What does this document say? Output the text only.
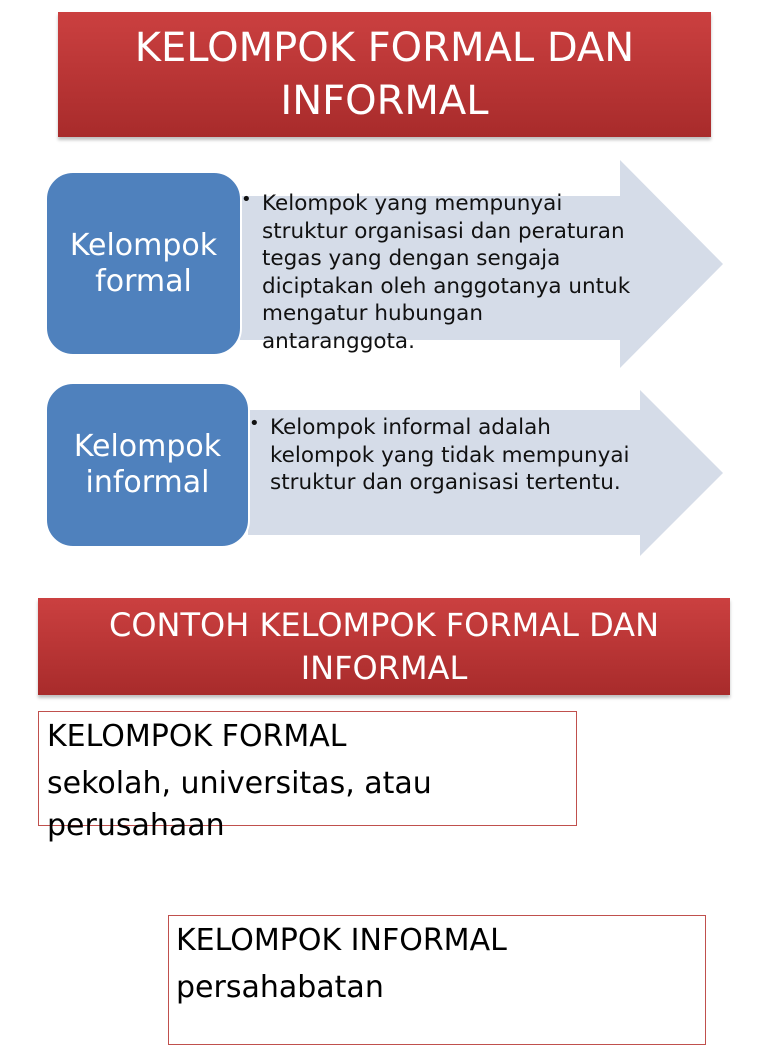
KELOMPOK FORMAL DAN INFORMAL
Kelompok formal
• Kelompok yang mempunyai struktur organisasi dan peraturan tegas yang dengan sengaja diciptakan oleh anggotanya untuk mengatur hubungan antaranggota.
Kelompok informal
• Kelompok informal adalah kelompok yang tidak mempunyai struktur dan organisasi tertentu.
CONTOH KELOMPOK FORMAL DAN INFORMAL
KELOMPOK FORMAL
sekolah, universitas, atau perusahaan
KELOMPOK INFORMAL
persahabatan
